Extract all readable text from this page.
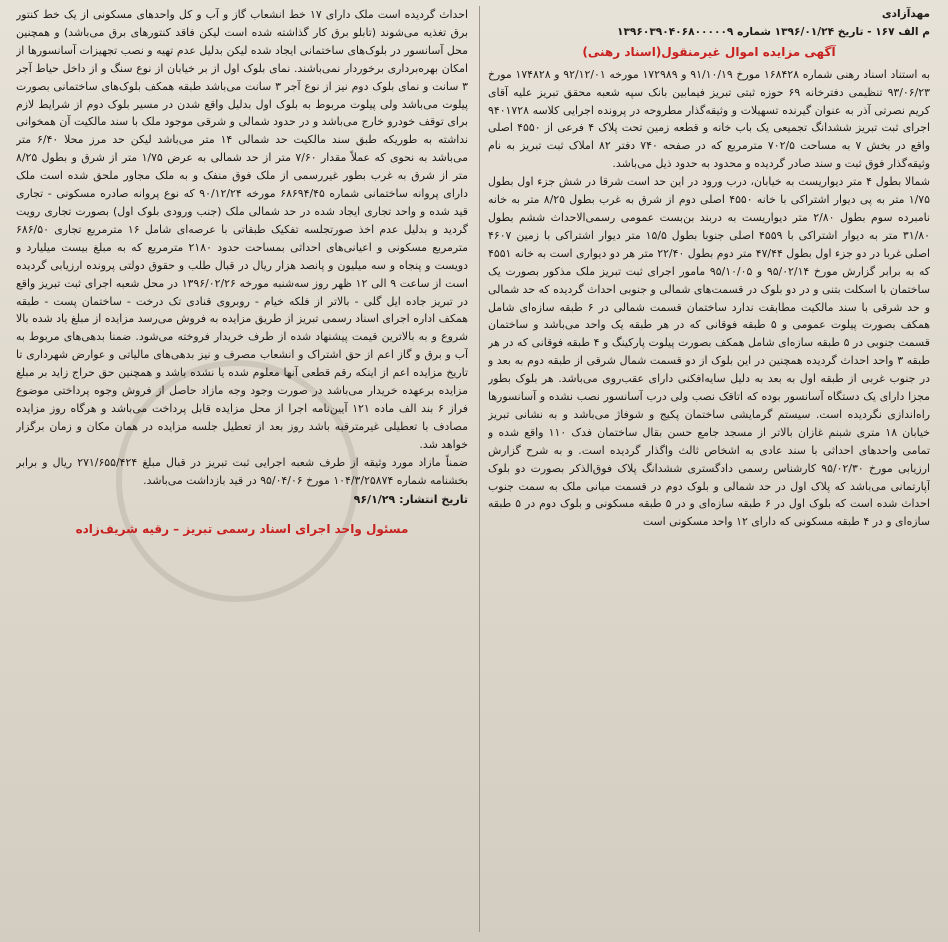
مهدآزادی
م الف ۱۶۷ - تاریخ ۱۳۹۶/۰۱/۲۴ شماره ۱۳۹۶۰۳۹۰۴۰۶۸۰۰۰۰۰۹
آگهی مزایده اموال غیرمنقول(اسناد رهنی)

به استناد اسناد رهنی شماره ۱۶۸۴۲۸ مورخ ۹۱/۱۰/۱۹ و ۱۷۲۹۸۹ مورخه ۹۲/۱۲/۰۱ و ۱۷۴۸۲۸ مورخ ۹۳/۰۶/۲۳ تنظیمی دفترخانه ۶۹ حوزه ثبتی تبریز فیمابین بانک سپه شعبه محقق تبریز علیه آقای کریم نصرتی آذر به عنوان گیرنده تسهیلات و وثیقه‌گذار مطروحه در پرونده اجرایی کلاسه ۹۴۰۱۷۲۸ اجرای ثبت تبریز ششدانگ تجمیعی یک باب خانه و قطعه زمین تحت پلاک ۴ فرعی از ۴۵۵۰ اصلی واقع در بخش ۷ به مساحت ۷۰۲/۵ مترمربع که در صفحه ۷۴۰ دفتر ۸۲ املاک ثبت تبریز به نام وثیقه‌گذار فوق ثبت و سند صادر گردیده و محدود به حدود ذیل می‌باشد.

شمالا بطول ۴ متر دیواریست به خیابان، درب ورود در این حد است شرقا در شش جزء اول بطول ۱/۷۵ متر به پی دیوار اشتراکی با خانه ۴۵۵۰ اصلی دوم از شرق به غرب بطول ۸/۲۵ متر به خانه نامبرده سوم بطول ۲/۸۰ متر دیواریست به دربند بن‌بست عمومی رسمی‌الاحداث ششم بطول ۳۱/۸۰ متر به دیوار اشتراکی با ۴۵۵۹ اصلی جنوبا بطول ۱۵/۵ متر دیوار اشتراکی با زمین ۴۶۰۷ اصلی غربا در دو جزء اول بطول ۴۷/۴۴ متر دوم بطول ۲۲/۴۰ متر هر دو دیواری است به خانه ۴۵۵۱ که به برابر گزارش مورخ ۹۵/۰۲/۱۴ و ۹۵/۱۰/۰۵ مامور اجرای ثبت تبریز ملک مذکور بصورت یک ساختمان با اسکلت بتنی و در دو بلوک در قسمت‌های شمالی و جنوبی احداث گردیده که حد شمالی و حد شرقی با سند مالکیت مطابقت ندارد ساختمان قسمت شمالی در ۶ طبقه سازه‌ای شامل همکف بصورت پیلوت عمومی و ۵ طبقه فوقانی که در هر طبقه یک واحد می‌باشد و ساختمان قسمت جنوبی در ۵ طبقه سازه‌ای شامل همکف بصورت پیلوت پارکینگ و ۴ طبقه فوقانی که در هر طبقه ۳ واحد احداث گردیده همچنین در این بلوک از دو قسمت شمال شرقی از طبقه دوم به بعد و در جنوب غربی از طبقه اول به بعد به دلیل سایه‌افکنی دارای عقب‌روی می‌باشد. هر بلوک بطور مجزا دارای یک دستگاه آسانسور بوده که اتاقک نصب ولی درب آسانسور نصب نشده و آسانسورها راه‌اندازی نگردیده است. سیستم گرمایشی ساختمان پکیج و شوفاژ می‌باشد و به نشانی تبریز خیابان ۱۸ متری شبنم غازان بالاتر از مسجد جامع حسن بقال ساختمان فدک ۱۱۰ واقع شده و تمامی واحدهای احداثی با سند عادی به اشخاص ثالث واگذار گردیده است. و به شرح گزارش ارزیابی مورخ ۹۵/۰۲/۳۰ کارشناس رسمی دادگستری ششدانگ پلاک فوق‌الذکر بصورت دو بلوک آپارتمانی می‌باشد که پلاک اول در حد شمالی و بلوک دوم در قسمت میانی ملک به سمت جنوب احداث شده است که بلوک اول در ۶ طبقه سازه‌ای و در ۵ طبقه مسکونی و بلوک دوم در ۵ طبقه سازه‌ای و در ۴ طبقه مسکونی که دارای ۱۲ واحد مسکونی است

احداث گردیده است ملک دارای ۱۷ خط انشعاب گاز و آب و کل واحدهای مسکونی از یک خط کنتور برق تغذیه می‌شوند (تابلو برق کار گذاشته شده است لیکن فاقد کنتورهای برق می‌باشد) و همچنین محل آسانسور در بلوک‌های ساختمانی ایجاد شده لیکن بدلیل عدم تهیه و نصب تجهیزات آسانسورها از امکان بهره‌برداری برخوردار نمی‌باشند. نمای بلوک اول از بر خیابان از نوع سنگ و از داخل حیاط آجر ۳ سانت و نمای بلوک دوم نیز از نوع آجر ۳ سانت می‌باشد طبقه همکف بلوک‌های ساختمانی بصورت پیلوت می‌باشد ولی پیلوت مربوط به بلوک اول بدلیل واقع شدن در مسیر بلوک دوم از شرایط لازم برای توقف خودرو خارج می‌باشد و در حدود شمالی و شرقی موجود ملک با سند مالکیت آن همخوانی نداشته به طوریکه طبق سند مالکیت حد شمالی ۱۴ متر می‌باشد لیکن حد مرز محلا ۶/۴۰ متر می‌باشد به نحوی که عملاً مقدار ۷/۶۰ متر از حد شمالی به عرض ۱/۷۵ متر از شرق و بطول ۸/۲۵ متر از شرق به غرب بطور غیررسمی از ملک فوق منفک و به ملک مجاور ملحق شده است ملک دارای پروانه ساختمانی شماره ۶۸۶۹۴/۴۵ مورخه ۹۰/۱۲/۲۴ که نوع پروانه صادره مسکونی - تجاری قید شده و واحد تجاری ایجاد شده در حد شمالی ملک (جنب ورودی بلوک اول) بصورت تجاری رویت گردید و بدلیل عدم اخذ صورتجلسه تفکیک طبقاتی با عرصه‌ای شامل ۱۶ مترمربع تجاری ۶۸۶/۵۰ مترمربع مسکونی و اعیانی‌های احداثی بمساحت حدود ۲۱۸۰ مترمربع که به مبلغ بیست میلیارد و دویست و پنجاه و سه میلیون و پانصد هزار ریال در قبال طلب و حقوق دولتی پرونده ارزیابی گردیده است از ساعت ۹ الی ۱۲ ظهر روز سه‌شنبه مورخه ۱۳۹۶/۰۲/۲۶ در محل شعبه اجرای ثبت تبریز واقع در تبریز جاده ایل گلی - بالاتر از فلکه خیام - روبروی قنادی تک درخت - ساختمان پست - طبقه همکف اداره اجرای اسناد رسمی تبریز از طریق مزایده به فروش می‌رسد مزایده از مبلغ یاد شده بالا شروع و به بالاترین قیمت پیشنهاد شده از طرف خریدار فروخته می‌شود. ضمنا بدهی‌های مربوط به آب و برق و گاز اعم از حق اشتراک و انشعاب مصرف و نیز بدهی‌های مالیاتی و عوارض شهرداری تا تاریخ مزایده اعم از اینکه رقم قطعی آنها معلوم شده یا نشده باشد و همچنین حق حراج زاید بر مبلغ مزایده برعهده خریدار می‌باشد در صورت وجود وجه مازاد حاصل از فروش وجوه پرداختی موضوع فراز ۶ بند الف ماده ۱۲۱ آیین‌نامه اجرا از محل مزایده قابل پرداخت می‌باشد و هرگاه روز مزایده مصادف با تعطیلی غیرمترقبه باشد روز بعد از تعطیل جلسه مزایده در همان مکان و زمان برگزار خواهد شد.

ضمناً مازاد مورد وثیقه از طرف شعبه اجرایی ثبت تبریز در قبال مبلغ ۲۷۱/۶۵۵/۴۲۴ ریال و برابر بخشنامه شماره ۱۰۴/۳/۲۵۸۷۴ مورخ ۹۵/۰۴/۰۶ در قید بازداشت می‌باشد.

تاریخ انتشار: ۹۶/۱/۲۹
مسئول واحد اجرای اسناد رسمی تبریز – رقیه شریف‌زاده
